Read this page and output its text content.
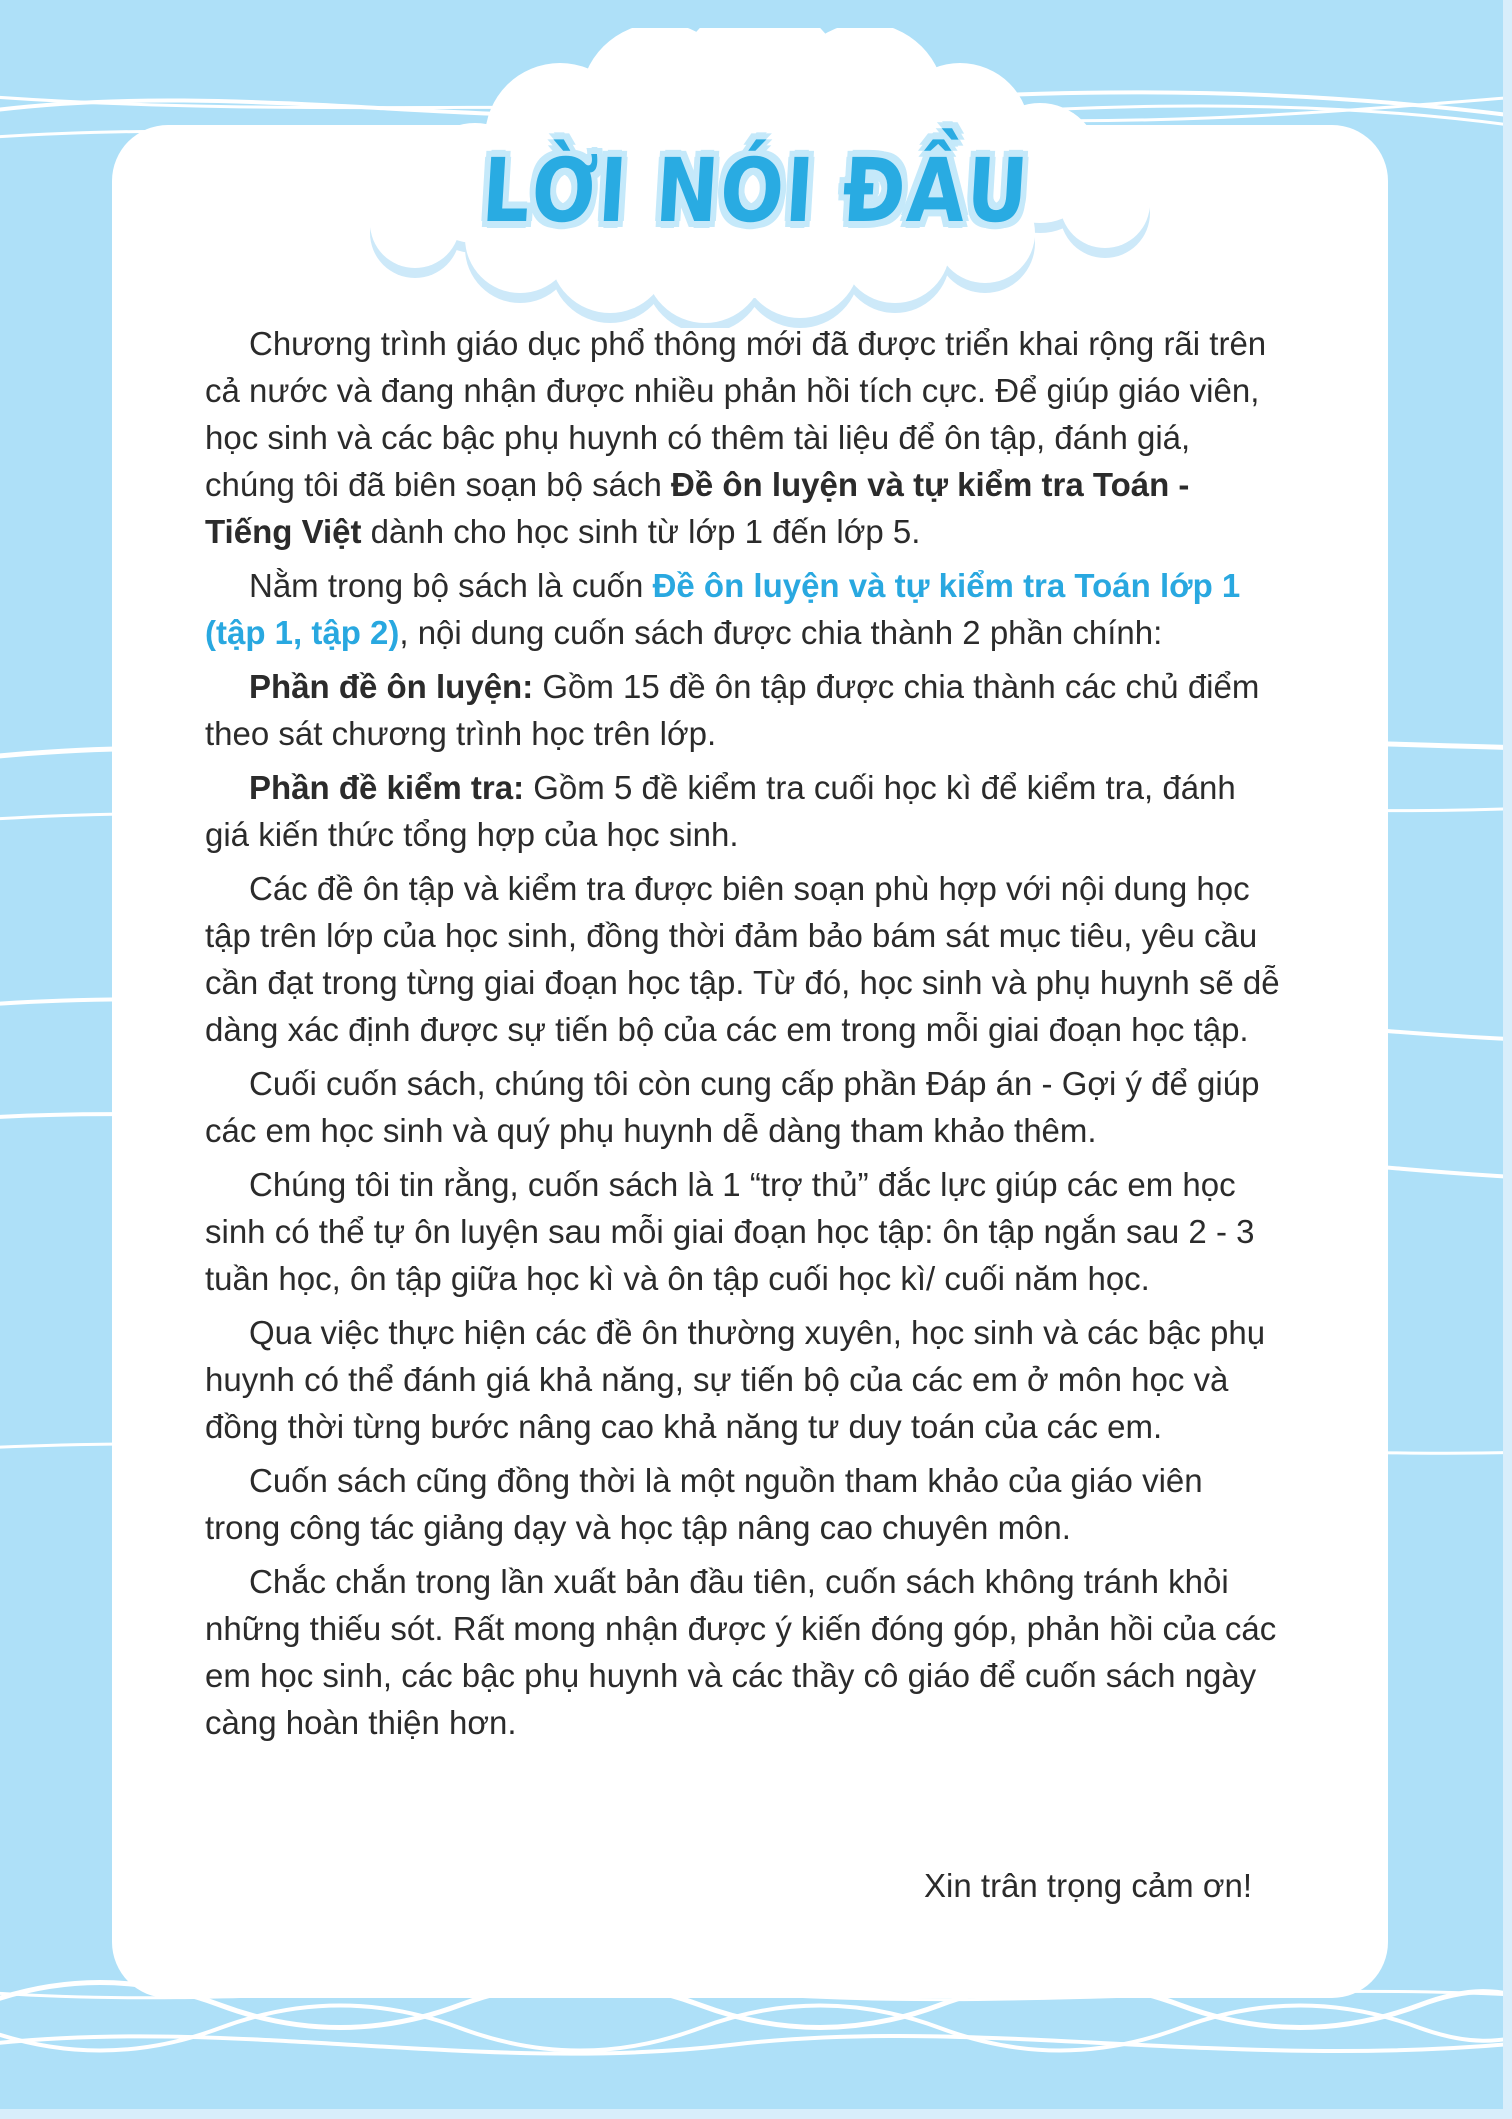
LỜI NÓI ĐẦU

Chương trình giáo dục phổ thông mới đã được triển khai rộng rãi trên cả nước và đang nhận được nhiều phản hồi tích cực. Để giúp giáo viên, học sinh và các bậc phụ huynh có thêm tài liệu để ôn tập, đánh giá, chúng tôi đã biên soạn bộ sách Đề ôn luyện và tự kiểm tra Toán - Tiếng Việt dành cho học sinh từ lớp 1 đến lớp 5.

Nằm trong bộ sách là cuốn Đề ôn luyện và tự kiểm tra Toán lớp 1 (tập 1, tập 2), nội dung cuốn sách được chia thành 2 phần chính:

Phần đề ôn luyện: Gồm 15 đề ôn tập được chia thành các chủ điểm theo sát chương trình học trên lớp.

Phần đề kiểm tra: Gồm 5 đề kiểm tra cuối học kì để kiểm tra, đánh giá kiến thức tổng hợp của học sinh.

Các đề ôn tập và kiểm tra được biên soạn phù hợp với nội dung học tập trên lớp của học sinh, đồng thời đảm bảo bám sát mục tiêu, yêu cầu cần đạt trong từng giai đoạn học tập. Từ đó, học sinh và phụ huynh sẽ dễ dàng xác định được sự tiến bộ của các em trong mỗi giai đoạn học tập.

Cuối cuốn sách, chúng tôi còn cung cấp phần Đáp án - Gợi ý để giúp các em học sinh và quý phụ huynh dễ dàng tham khảo thêm.

Chúng tôi tin rằng, cuốn sách là 1 “trợ thủ” đắc lực giúp các em học sinh có thể tự ôn luyện sau mỗi giai đoạn học tập: ôn tập ngắn sau 2 - 3 tuần học, ôn tập giữa học kì và ôn tập cuối học kì/ cuối năm học.

Qua việc thực hiện các đề ôn thường xuyên, học sinh và các bậc phụ huynh có thể đánh giá khả năng, sự tiến bộ của các em ở môn học và đồng thời từng bước nâng cao khả năng tư duy toán của các em.

Cuốn sách cũng đồng thời là một nguồn tham khảo của giáo viên trong công tác giảng dạy và học tập nâng cao chuyên môn.

Chắc chắn trong lần xuất bản đầu tiên, cuốn sách không tránh khỏi những thiếu sót. Rất mong nhận được ý kiến đóng góp, phản hồi của các em học sinh, các bậc phụ huynh và các thầy cô giáo để cuốn sách ngày càng hoàn thiện hơn.

Xin trân trọng cảm ơn!
